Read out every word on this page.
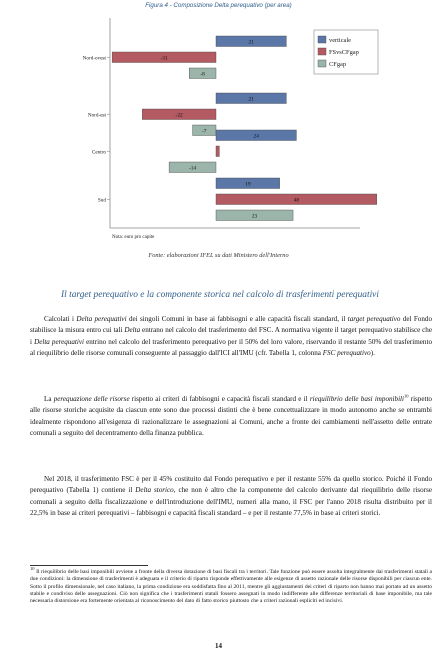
Figura 4 - Composizione Delta perequativo (per area)
Nord-ovest
21
-31
-8
Nord-est
21
-22
-7
Centro
24
-14
Sud
19
48
23
verticale
FSvsCFgap
CFgap
Nota: euro pro capite
Fonte: elaborazioni IFEL su dati Ministero dell'Interno
Il target perequativo e la componente storica nel calcolo di trasferimenti perequativi

Calcolati i Delta perequativi dei singoli Comuni in base ai fabbisogni e alle capacità fiscali standard, il target perequativo del Fondo stabilisce la misura entro cui tali Delta entrano nel calcolo del trasferimento del FSC. A normativa vigente il target perequativo stabilisce che i Delta perequativi entrino nel calcolo del trasferimento perequativo per il 50% del loro valore, riservando il restante 50% del trasferimento al riequilibrio delle risorse comunali conseguente al passaggio dall'ICI all'IMU (cfr. Tabella 1, colonna FSC perequativo).

La perequazione delle risorse rispetto ai criteri di fabbisogni e capacità fiscali standard e il riequilibrio delle basi imponibili$^{10}$ rispetto alle risorse storiche acquisite da ciascun ente sono due processi distinti che è bene concettualizzare in modo autonomo anche se entrambi idealmente rispondono all'esigenza di razionalizzare le assegnazioni ai Comuni, anche a fronte dei cambiamenti nell'assetto delle entrate comunali a seguito del decentramento della finanza pubblica.

Nel 2018, il trasferimento FSC è per il 45% costituito dal Fondo perequativo e per il restante 55% da quello storico. Poiché il Fondo perequativo (Tabella 1) contiene il Delta storico, che non è altro che la componente del calcolo derivante dal riequilibrio delle risorse comunali a seguito della fiscalizzazione e dell'introduzione dell'IMU, numeri alla mano, il FSC per l'anno 2018 risulta distribuito per il 22,5% in base ai criteri perequativi – fabbisogni e capacità fiscali standard – e per il restante 77,5% in base ai criteri storici.

$^{10}$ Il riequilibrio delle basi imponibili avviene a fronte della diversa dotazione di basi fiscali tra i territori. Tale funzione può essere assolta integralmente dai trasferimenti statali a due condizioni: la dimensione di trasferimenti è adeguata e il criterio di riparto risponde effettivamente alle esigenze di assetto razionale delle risorse disponibili per ciascun ente. Sotto il profilo dimensionale, nel caso italiano, la prima condizione era soddisfatta fino al 2011, mentre gli aggiustamenti dei criteri di riparto non hanno mai portato ad un assetto stabile e condiviso delle assegnazioni. Ciò non significa che i trasferimenti statali fossero assegnati in modo indifferente alle differenze territoriali di base imponibile, ma tale necessaria distorsione era fortemente orientata al riconoscimento del dato di fatto storico piuttosto che a criteri razionali espliciti ed incisivi.

14
